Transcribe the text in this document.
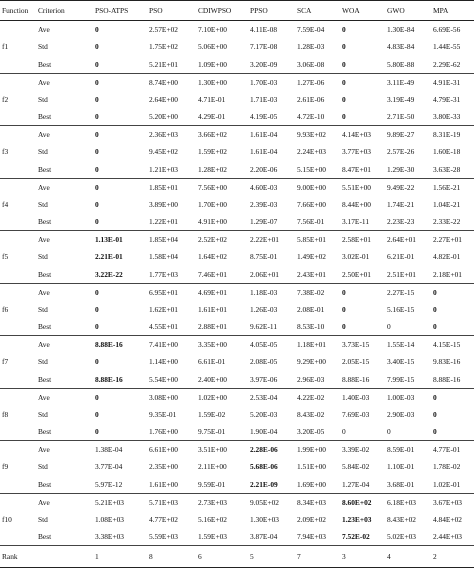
Function	Criterion	PSO-ATPS	PSO	CDIWPSO	PPSO	SCA	WOA	GWO	MPA
	Ave	0	2.57E+02	7.10E+00	4.11E-08	7.59E-04	0	1.30E-84	6.69E-56
f1	Std	0	1.75E+02	5.06E+00	7.17E-08	1.28E-03	0	4.83E-84	1.44E-55
	Best	0	5.21E+01	1.09E+00	3.20E-09	3.06E-08	0	5.80E-88	2.29E-62
	Ave	0	8.74E+00	1.30E+00	1.70E-03	1.27E-06	0	3.11E-49	4.91E-31
f2	Std	0	2.64E+00	4.71E-01	1.71E-03	2.61E-06	0	3.19E-49	4.79E-31
	Best	0	5.20E+00	4.29E-01	4.19E-05	4.72E-10	0	2.71E-50	3.80E-33
	Ave	0	2.36E+03	3.66E+02	1.61E-04	9.93E+02	4.14E+03	9.89E-27	8.31E-19
f3	Std	0	9.45E+02	1.59E+02	1.61E-04	2.24E+03	3.77E+03	2.57E-26	1.60E-18
	Best	0	1.21E+03	1.28E+02	2.20E-06	5.15E+00	8.47E+01	1.29E-30	3.63E-28
	Ave	0	1.85E+01	7.56E+00	4.60E-03	9.00E+00	5.51E+00	9.49E-22	1.56E-21
f4	Std	0	3.89E+00	1.70E+00	2.39E-03	7.66E+00	8.44E+00	1.74E-21	1.04E-21
	Best	0	1.22E+01	4.91E+00	1.29E-07	7.56E-01	3.17E-11	2.23E-23	2.33E-22
	Ave	1.13E-01	1.85E+04	2.52E+02	2.22E+01	5.85E+01	2.58E+01	2.64E+01	2.27E+01
f5	Std	2.21E-01	1.58E+04	1.64E+02	8.75E-01	1.49E+02	3.02E-01	6.21E-01	4.82E-01
	Best	3.22E-22	1.77E+03	7.46E+01	2.06E+01	2.43E+01	2.50E+01	2.51E+01	2.18E+01
	Ave	0	6.95E+01	4.69E+01	1.18E-03	7.38E-02	0	2.27E-15	0
f6	Std	0	1.62E+01	1.61E+01	1.26E-03	2.08E-01	0	5.16E-15	0
	Best	0	4.55E+01	2.88E+01	9.62E-11	8.53E-10	0	0	0
	Ave	8.88E-16	7.41E+00	3.35E+00	4.05E-05	1.18E+01	3.73E-15	1.55E-14	4.15E-15
f7	Std	0	1.14E+00	6.61E-01	2.08E-05	9.29E+00	2.05E-15	3.40E-15	9.83E-16
	Best	8.88E-16	5.54E+00	2.40E+00	3.97E-06	2.96E-03	8.88E-16	7.99E-15	8.88E-16
	Ave	0	3.08E+00	1.02E+00	2.53E-04	4.22E-02	1.40E-03	1.00E-03	0
f8	Std	0	9.35E-01	1.59E-02	5.20E-03	8.43E-02	7.69E-03	2.90E-03	0
	Best	0	1.76E+00	9.75E-01	1.90E-04	3.20E-05	0	0	0
	Ave	1.38E-04	6.61E+00	3.51E+00	2.28E-06	1.99E+00	3.39E-02	8.59E-01	4.77E-01
f9	Std	3.77E-04	2.35E+00	2.11E+00	5.68E-06	1.51E+00	5.84E-02	1.10E-01	1.78E-02
	Best	5.97E-12	1.61E+00	9.59E-01	2.21E-09	1.69E+00	1.27E-04	3.68E-01	1.02E-01
	Ave	5.21E+03	5.71E+03	2.73E+03	9.05E+02	8.34E+03	8.60E+02	6.18E+03	3.67E+03
f10	Std	1.08E+03	4.77E+02	5.16E+02	1.30E+03	2.09E+02	1.23E+03	8.43E+02	4.84E+02
	Best	3.38E+03	5.59E+03	1.59E+03	3.87E-04	7.94E+03	7.52E-02	5.02E+03	2.44E+03
Rank		1	8	6	5	7	3	4	2
